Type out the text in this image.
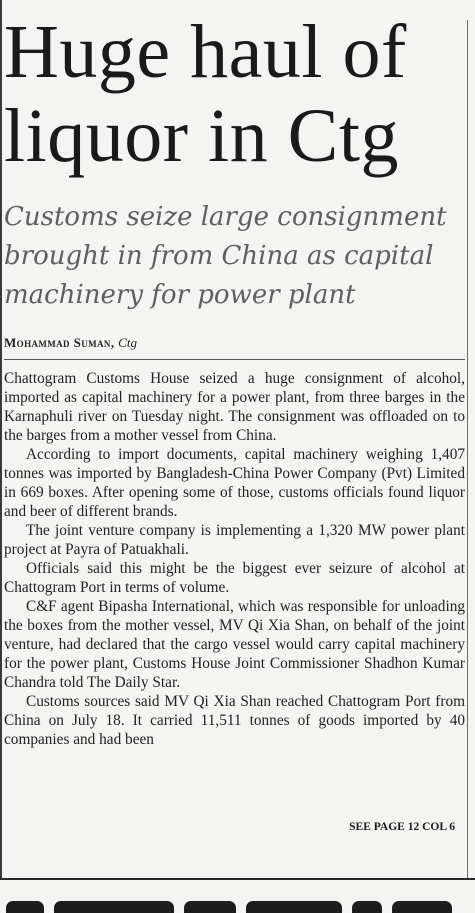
Huge haul of liquor in Ctg

Customs seize large consignment brought in from China as capital machinery for power plant

Mohammad Suman, Ctg

Chattogram Customs House seized a huge consignment of alcohol, imported as capital machinery for a power plant, from three barges in the Karnaphuli river on Tuesday night. The consignment was offloaded on to the barges from a mother vessel from China.

According to import documents, capital machinery weighing 1,407 tonnes was imported by Bangladesh-China Power Company (Pvt) Limited in 669 boxes. After opening some of those, customs officials found liquor and beer of different brands.

The joint venture company is implementing a 1,320 MW power plant project at Payra of Patuakhali.

Officials said this might be the biggest ever seizure of alcohol at Chattogram Port in terms of volume.

C&F agent Bipasha International, which was responsible for unloading the boxes from the mother vessel, MV Qi Xia Shan, on behalf of the joint venture, had declared that the cargo vessel would carry capital machinery for the power plant, Customs House Joint Commissioner Shadhon Kumar Chandra told The Daily Star.

Customs sources said MV Qi Xia Shan reached Chattogram Port from China on July 18. It carried 11,511 tonnes of goods imported by 40 companies and had been

SEE PAGE 12 COL 6
